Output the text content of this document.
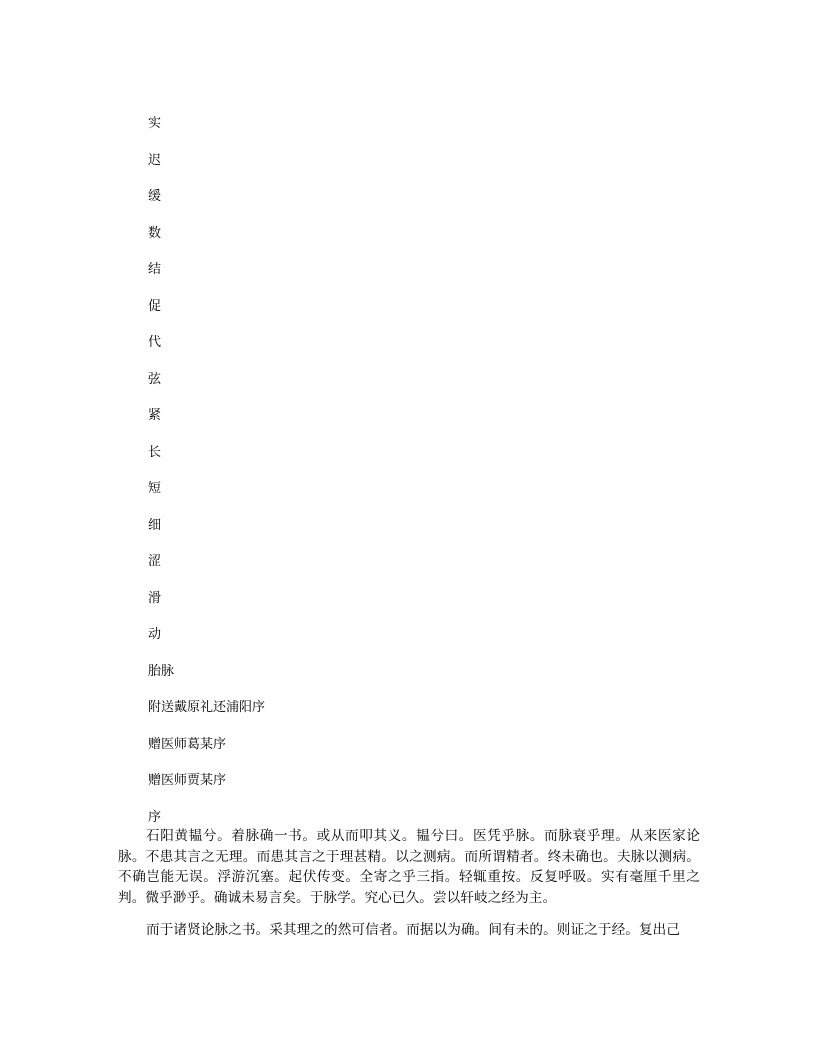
实
迟
缓
数
结
促
代
弦
紧
长
短
细
涩
滑
动
胎脉
附送戴原礼还浦阳序
赠医师葛某序
赠医师贾某序
序

石阳黄韫兮。着脉确一书。或从而叩其义。韫兮曰。医凭乎脉。而脉衰乎理。从来医家论脉。不患其言之无理。而患其言之于理甚精。以之测病。而所谓精者。终未确也。夫脉以测病。不确岂能无误。浮游沉塞。起伏传变。全寄之乎三指。轻辄重按。反复呼吸。实有毫厘千里之判。微乎渺乎。确诚未易言矣。于脉学。究心已久。尝以轩岐之经为主。

而于诸贤论脉之书。采其理之的然可信者。而据以为确。间有未的。则证之于经。复出己
